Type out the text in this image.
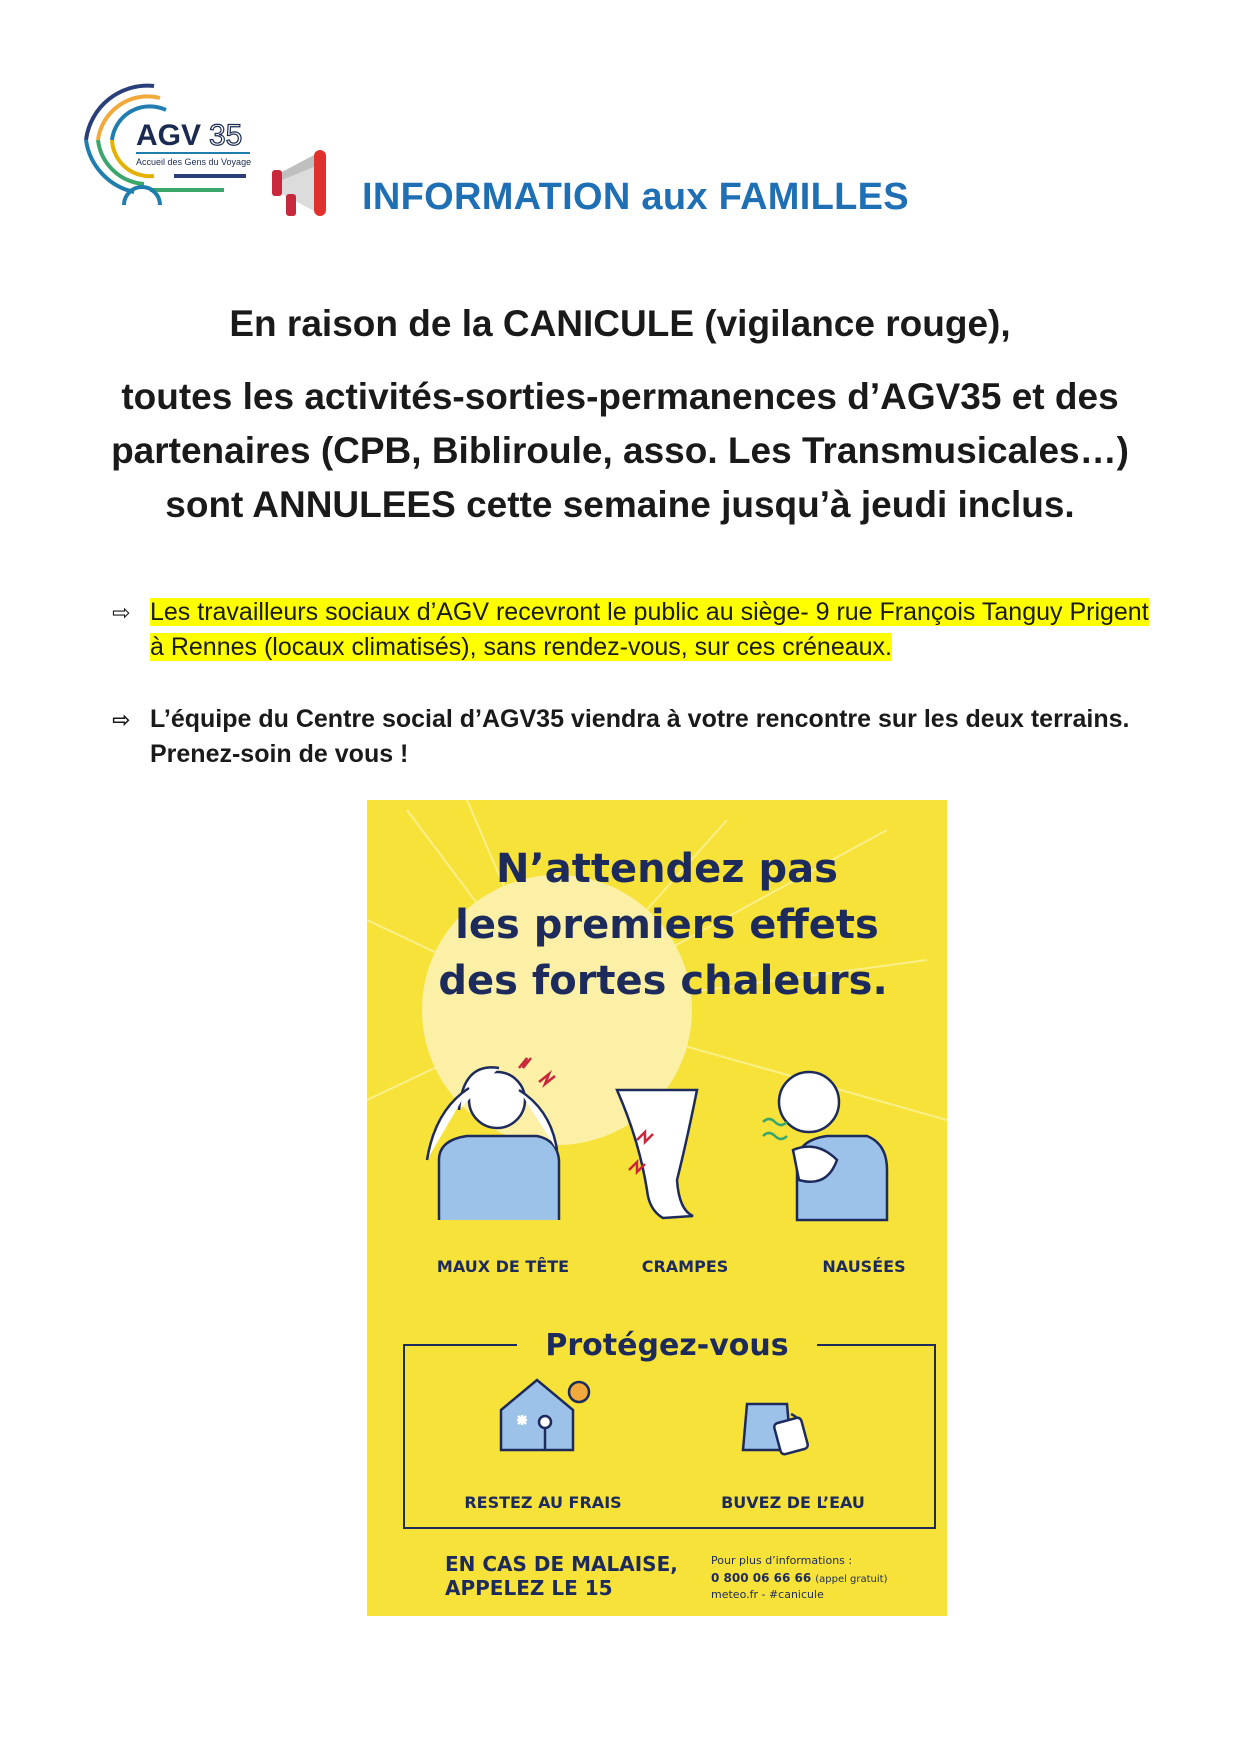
AGV 35
Accueil des Gens du Voyage
INFORMATION aux FAMILLES
En raison de la CANICULE (vigilance rouge),
toutes les activités-sorties-permanences d’AGV35 et des
partenaires (CPB, Bibliroule, asso. Les Transmusicales…)
sont ANNULEES cette semaine jusqu’à jeudi inclus.
⇨ Les travailleurs sociaux d’AGV recevront le public au siège- 9 rue François Tanguy Prigent à Rennes (locaux climatisés), sans rendez-vous, sur ces créneaux.
⇨ L’équipe du Centre social d’AGV35 viendra à votre rencontre sur les deux terrains. Prenez-soin de vous !
N’attendez pas
les premiers effets
des fortes chaleurs.
MAUX DE TÊTE	CRAMPES	NAUSÉES
Protégez-vous
RESTEZ AU FRAIS	BUVEZ DE L’EAU
EN CAS DE MALAISE,
APPELEZ LE 15
Pour plus d’informations :
0 800 06 66 66 (appel gratuit)
meteo.fr - #canicule
